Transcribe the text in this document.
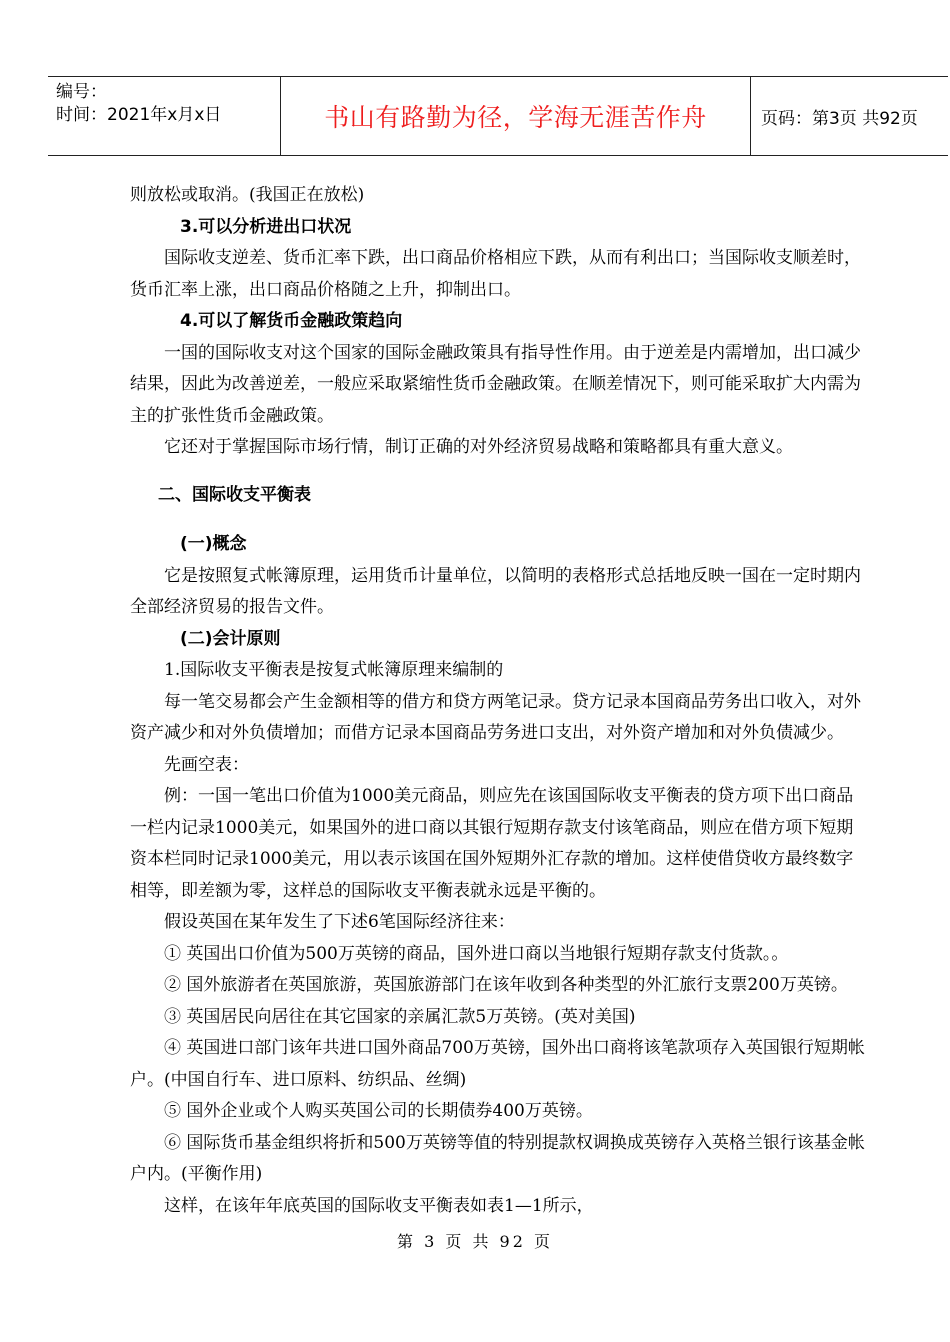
编号：
时间：2021年x月x日	书山有路勤为径，学海无涯苦作舟	页码：第3页 共92页

则放松或取消。(我国正在放松)

3.可以分析进出口状况

国际收支逆差、货币汇率下跌，出口商品价格相应下跌，从而有利出口；当国际收支顺差时，货币汇率上涨，出口商品价格随之上升，抑制出口。

4.可以了解货币金融政策趋向

一国的国际收支对这个国家的国际金融政策具有指导性作用。由于逆差是内需增加，出口减少结果，因此为改善逆差，一般应采取紧缩性货币金融政策。在顺差情况下，则可能采取扩大内需为主的扩张性货币金融政策。

它还对于掌握国际市场行情，制订正确的对外经济贸易战略和策略都具有重大意义。

二、国际收支平衡表

(一)概念

它是按照复式帐簿原理，运用货币计量单位，以简明的表格形式总括地反映一国在一定时期内全部经济贸易的报告文件。

(二)会计原则

1.国际收支平衡表是按复式帐簿原理来编制的

每一笔交易都会产生金额相等的借方和贷方两笔记录。贷方记录本国商品劳务出口收入，对外资产减少和对外负债增加；而借方记录本国商品劳务进口支出，对外资产增加和对外负债减少。

先画空表：

例：一国一笔出口价值为1000美元商品，则应先在该国国际收支平衡表的贷方项下出口商品一栏内记录1000美元，如果国外的进口商以其银行短期存款支付该笔商品，则应在借方项下短期资本栏同时记录1000美元，用以表示该国在国外短期外汇存款的增加。这样使借贷收方最终数字相等，即差额为零，这样总的国际收支平衡表就永远是平衡的。

假设英国在某年发生了下述6笔国际经济往来：

① 英国出口价值为500万英镑的商品，国外进口商以当地银行短期存款支付货款。。

② 国外旅游者在英国旅游，英国旅游部门在该年收到各种类型的外汇旅行支票200万英镑。

③ 英国居民向居往在其它国家的亲属汇款5万英镑。(英对美国)

④ 英国进口部门该年共进口国外商品700万英镑，国外出口商将该笔款项存入英国银行短期帐户。(中国自行车、进口原料、纺织品、丝绸)

⑤ 国外企业或个人购买英国公司的长期债券400万英镑。

⑥ 国际货币基金组织将折和500万英镑等值的特别提款权调换成英镑存入英格兰银行该基金帐户内。(平衡作用)

这样，在该年年底英国的国际收支平衡表如表1—1所示，

第 3 页 共 92 页
